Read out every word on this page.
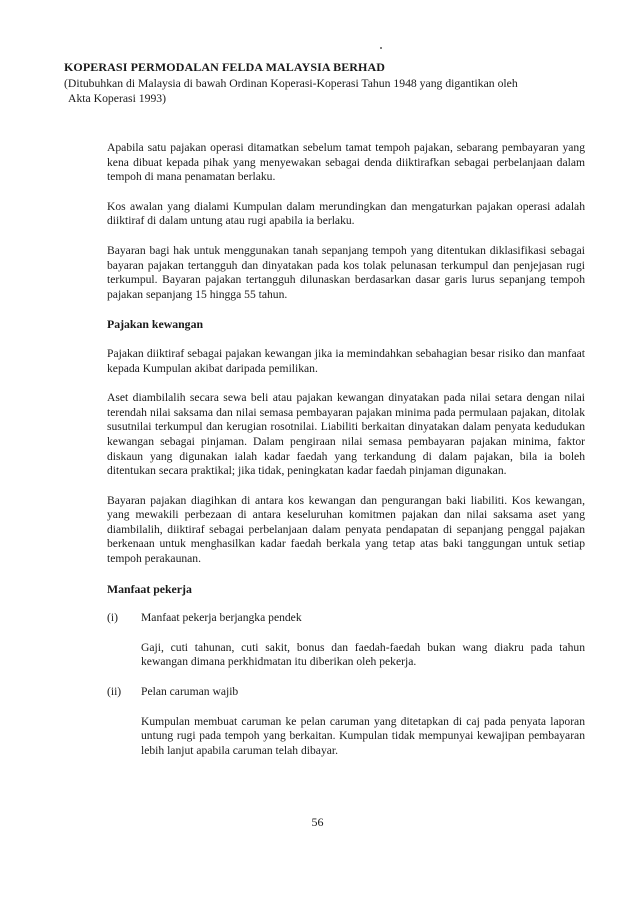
KOPERASI PERMODALAN FELDA MALAYSIA BERHAD
(Ditubuhkan di Malaysia di bawah Ordinan Koperasi-Koperasi Tahun 1948 yang digantikan oleh
Akta Koperasi 1993)

Apabila satu pajakan operasi ditamatkan sebelum tamat tempoh pajakan, sebarang pembayaran yang kena dibuat kepada pihak yang menyewakan sebagai denda diiktirafkan sebagai perbelanjaan dalam tempoh di mana penamatan berlaku.

Kos awalan yang dialami Kumpulan dalam merundingkan dan mengaturkan pajakan operasi adalah diiktiraf di dalam untung atau rugi apabila ia berlaku.

Bayaran bagi hak untuk menggunakan tanah sepanjang tempoh yang ditentukan diklasifikasi sebagai bayaran pajakan tertangguh dan dinyatakan pada kos tolak pelunasan terkumpul dan penjejasan rugi terkumpul. Bayaran pajakan tertangguh dilunaskan berdasarkan dasar garis lurus sepanjang tempoh pajakan sepanjang 15 hingga 55 tahun.

Pajakan kewangan

Pajakan diiktiraf sebagai pajakan kewangan jika ia memindahkan sebahagian besar risiko dan manfaat kepada Kumpulan akibat daripada pemilikan.

Aset diambilalih secara sewa beli atau pajakan kewangan dinyatakan pada nilai setara dengan nilai terendah nilai saksama dan nilai semasa pembayaran pajakan minima pada permulaan pajakan, ditolak susutnilai terkumpul dan kerugian rosotnilai. Liabiliti berkaitan dinyatakan dalam penyata kedudukan kewangan sebagai pinjaman. Dalam pengiraan nilai semasa pembayaran pajakan minima, faktor diskaun yang digunakan ialah kadar faedah yang terkandung di dalam pajakan, bila ia boleh ditentukan secara praktikal; jika tidak, peningkatan kadar faedah pinjaman digunakan.

Bayaran pajakan diagihkan di antara kos kewangan dan pengurangan baki liabiliti. Kos kewangan, yang mewakili perbezaan di antara keseluruhan komitmen pajakan dan nilai saksama aset yang diambilalih, diiktiraf sebagai perbelanjaan dalam penyata pendapatan di sepanjang penggal pajakan berkenaan untuk menghasilkan kadar faedah berkala yang tetap atas baki tanggungan untuk setiap tempoh perakaunan.

Manfaat pekerja
(i)	Manfaat pekerja berjangka pendek

Gaji, cuti tahunan, cuti sakit, bonus dan faedah-faedah bukan wang diakru pada tahun kewangan dimana perkhidmatan itu diberikan oleh pekerja.

(ii)	Pelan caruman wajib

Kumpulan membuat caruman ke pelan caruman yang ditetapkan di caj pada penyata laporan untung rugi pada tempoh yang berkaitan. Kumpulan tidak mempunyai kewajipan pembayaran lebih lanjut apabila caruman telah dibayar.

56
